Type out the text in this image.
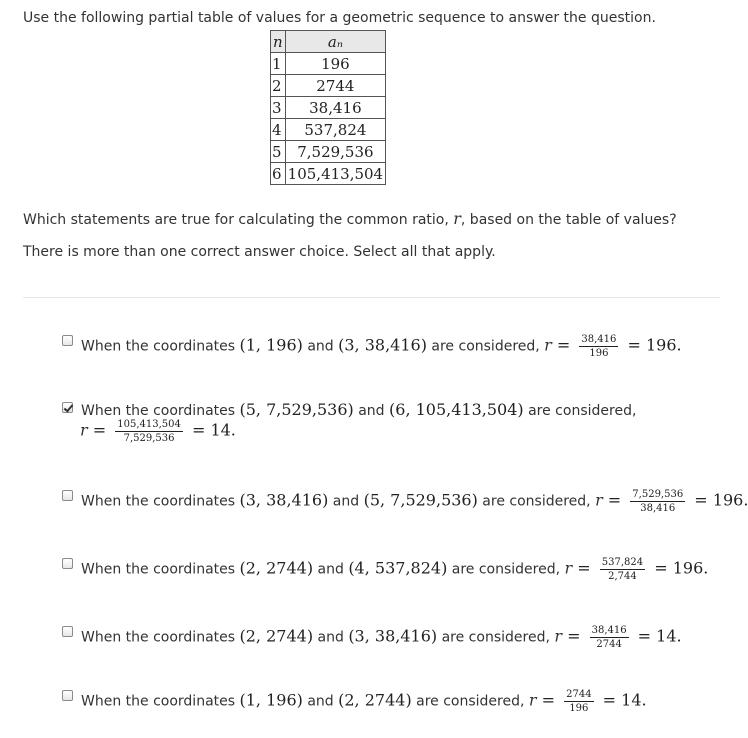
Use the following partial table of values for a geometric sequence to answer the question.
n	aₙ
1	196
2	2744
3	38,416
4	537,824
5	7,529,536
6	105,413,504
Which statements are true for calculating the common ratio, r, based on the table of values?
There is more than one correct answer choice. Select all that apply.
When the coordinates (1, 196) and (3, 38,416) are considered, $r = \frac{38,416}{196} = 196$.
When the coordinates (5, 7,529,536) and (6, 105,413,504) are considered,
$r = \frac{105,413,504}{7,529,536} = 14$.
When the coordinates (3, 38,416) and (5, 7,529,536) are considered, $r = \frac{7,529,536}{38,416} = 196$.
When the coordinates (2, 2744) and (4, 537,824) are considered, $r = \frac{537,824}{2,744} = 196$.
When the coordinates (2, 2744) and (3, 38,416) are considered, $r = \frac{38,416}{2744} = 14$.
When the coordinates (1, 196) and (2, 2744) are considered, $r = \frac{2744}{196} = 14$.
